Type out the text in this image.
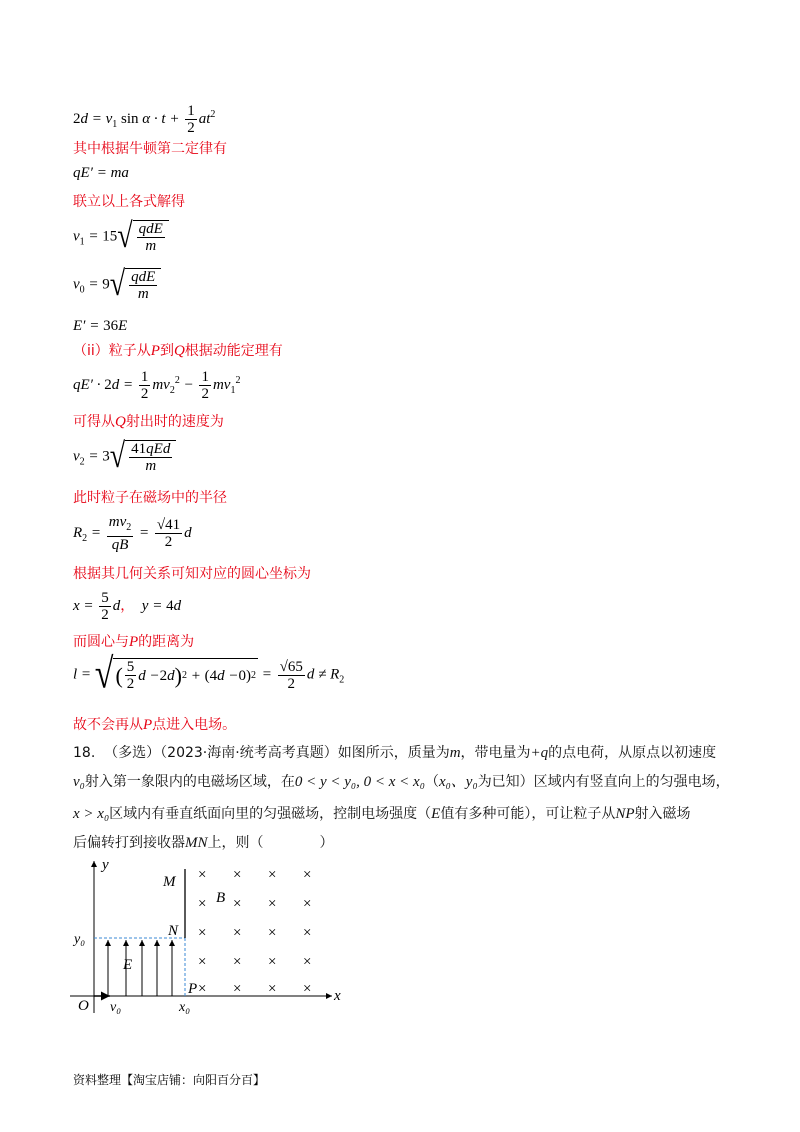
$2d = v_1$ $\sin \alpha \cdot t + \frac{1}{2} at^2$
其中根据牛顿第二定律有
qE′ = ma
联立以上各式解得
$v_1 = 15$ √ $\frac{\text{qdE}}{m}$
$v_0 = 9$ √ $\frac{\text{qdE}}{m}$
E′ = 36E
（ii）粒子从P到Q根据动能定理有
$qE' \cdot 2d = \frac{1}{2} mv_2^2 - \frac{1}{2} mv_1^2$
可得从Q射出时的速度为
$v_2 = 3$ √ $\frac{\text{41qEd}}{m}$
此时粒子在磁场中的半径
$R_2 = \frac{mv_2}{qB} = \frac{√41}{2}$ d
根据其几何关系可知对应的圆心坐标为
$x = \frac{5}{2}$ d，  y = 4d
而圆心与P的距离为
l = √ ( $\frac{5}{2}$ d − 2 d ) 2 + ( 4 d − 0 ) $2 = \frac{√65}{2}$ $d \ne R_2$
故不会再从P点进入电场。
18. （多选）（2023·海南·统考高考真题）如图所示，质量为m，带电量为+q的点电荷，从原点以初速度
v₀射入第一象限内的电磁场区域，在0 < y < y₀, 0 < x < x₀（x₀、y₀为已知）区域内有竖直向上的匀强电场，
x > x₀区域内有垂直纸面向里的匀强磁场，控制电场强度（E值有多种可能），可让粒子从NP射入磁场
后偏转打到接收器MN上，则（	）
y
x
O
M
N
P
B
E
y₀
x₀
v₀
× × × ×
×	× ×
×
× × × ×
× × × ×
× × × ×
资料整理【淘宝店铺：向阳百分百】
